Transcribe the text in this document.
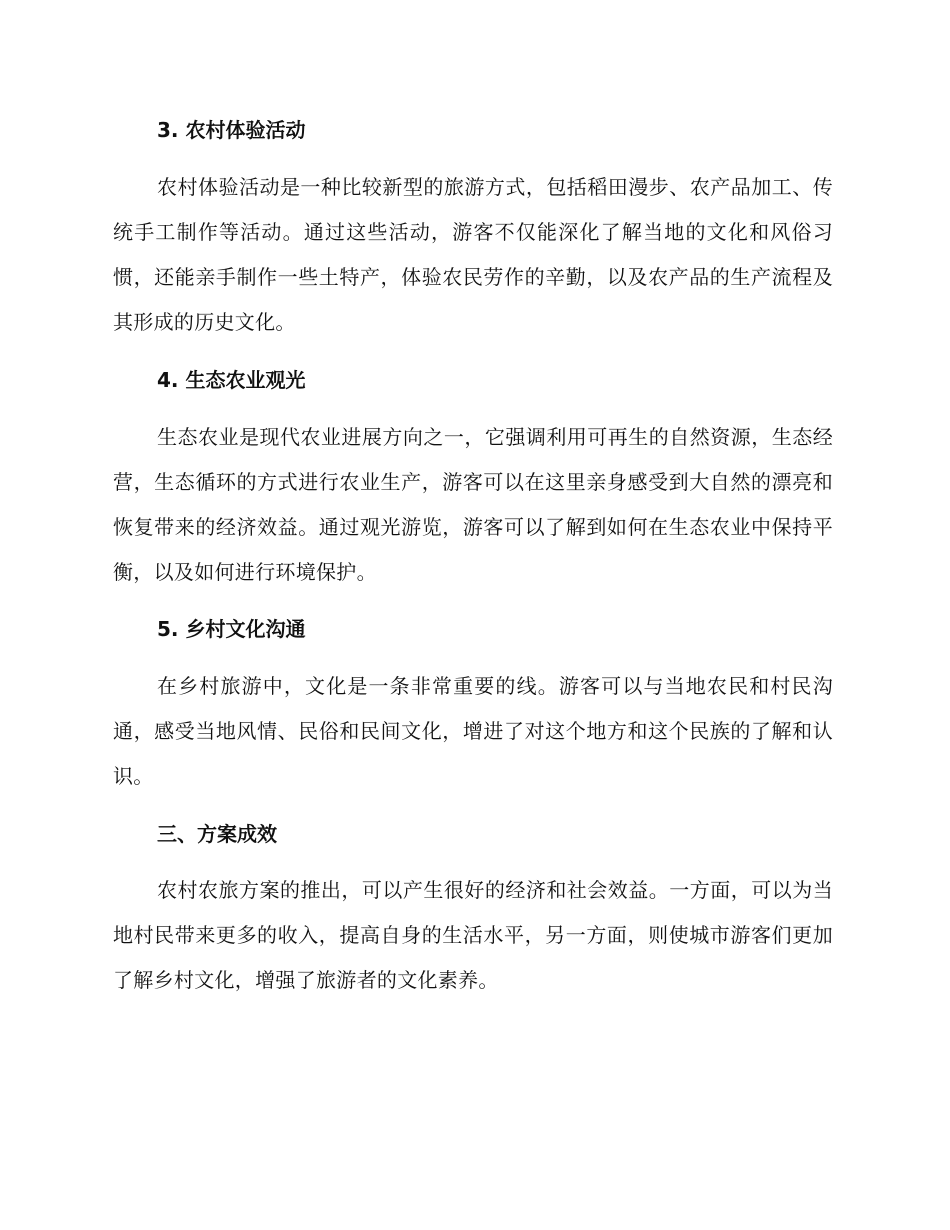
3. 农村体验活动
农村体验活动是一种比较新型的旅游方式，包括稻田漫步、农产品加工、传统手工制作等活动。通过这些活动，游客不仅能深化了解当地的文化和风俗习惯，还能亲手制作一些土特产，体验农民劳作的辛勤，以及农产品的生产流程及其形成的历史文化。
4. 生态农业观光
生态农业是现代农业进展方向之一，它强调利用可再生的自然资源，生态经营，生态循环的方式进行农业生产，游客可以在这里亲身感受到大自然的漂亮和恢复带来的经济效益。通过观光游览，游客可以了解到如何在生态农业中保持平衡，以及如何进行环境保护。
5. 乡村文化沟通
在乡村旅游中，文化是一条非常重要的线。游客可以与当地农民和村民沟通，感受当地风情、民俗和民间文化，增进了对这个地方和这个民族的了解和认识。
三、方案成效
农村农旅方案的推出，可以产生很好的经济和社会效益。一方面，可以为当地村民带来更多的收入，提高自身的生活水平，另一方面，则使城市游客们更加了解乡村文化，增强了旅游者的文化素养。
